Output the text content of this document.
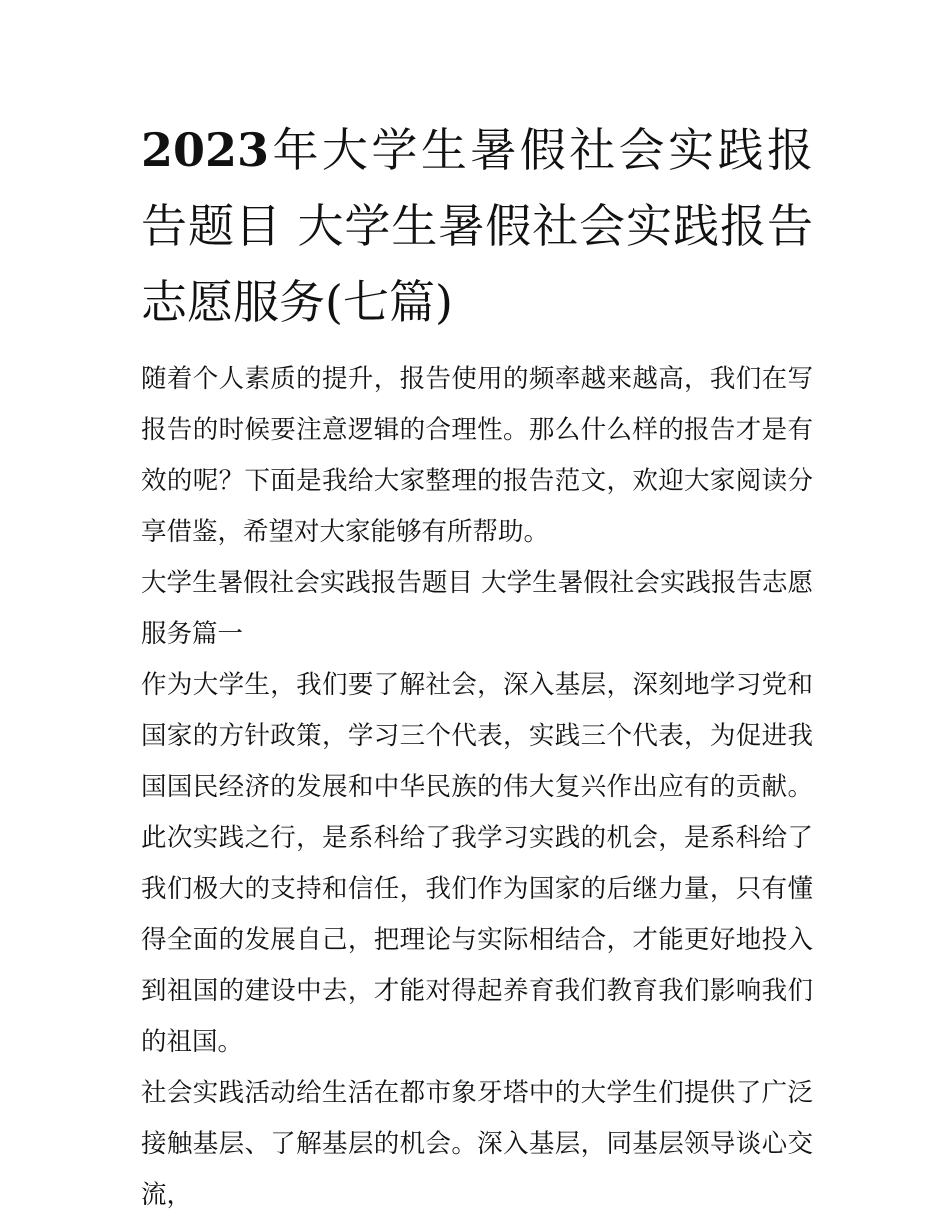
2023年大学生暑假社会实践报告题目 大学生暑假社会实践报告志愿服务(七篇)

随着个人素质的提升，报告使用的频率越来越高，我们在写报告的时候要注意逻辑的合理性。那么什么样的报告才是有效的呢？下面是我给大家整理的报告范文，欢迎大家阅读分享借鉴，希望对大家能够有所帮助。

大学生暑假社会实践报告题目 大学生暑假社会实践报告志愿服务篇一

作为大学生，我们要了解社会，深入基层，深刻地学习党和国家的方针政策，学习三个代表，实践三个代表，为促进我国国民经济的发展和中华民族的伟大复兴作出应有的贡献。此次实践之行，是系科给了我学习实践的机会，是系科给了我们极大的支持和信任，我们作为国家的后继力量，只有懂得全面的发展自己，把理论与实际相结合，才能更好地投入到祖国的建设中去，才能对得起养育我们教育我们影响我们的祖国。

社会实践活动给生活在都市象牙塔中的大学生们提供了广泛接触基层、了解基层的机会。深入基层，同基层领导谈心交流，
